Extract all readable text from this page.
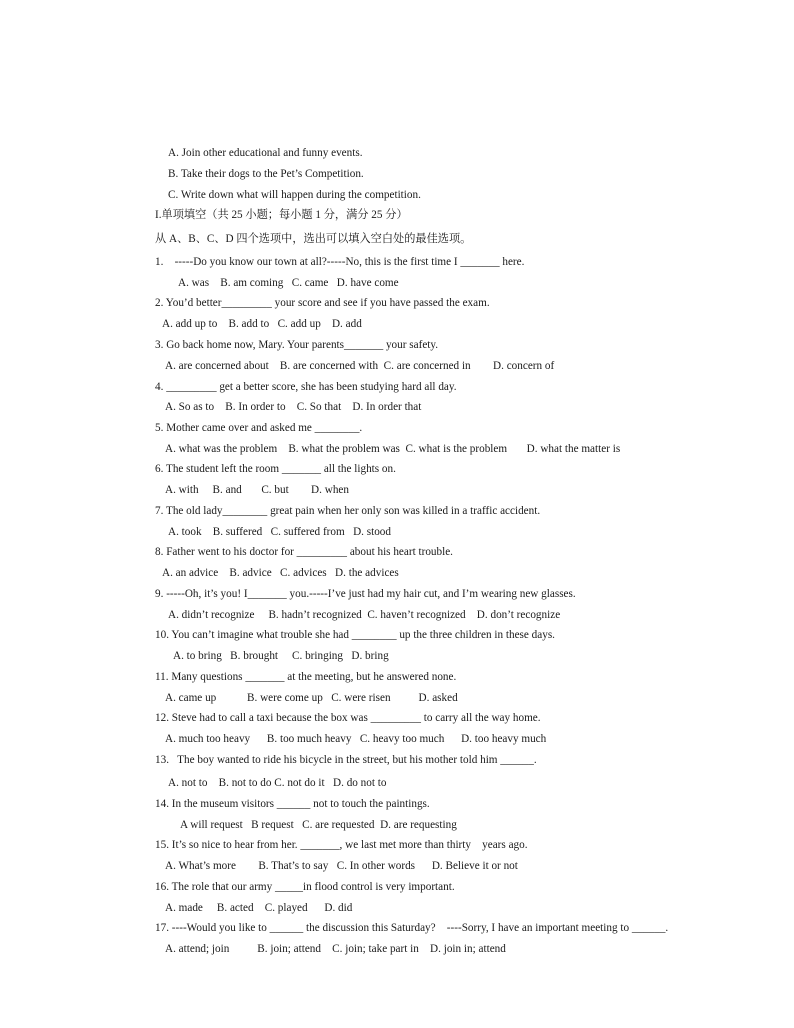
A. Join other educational and funny events.
B. Take their dogs to the Pet’s Competition.
C. Write down what will happen during the competition.
I.单项填空（共 25 小题；每小题 1 分，满分 25 分）
从 A、B、C、D 四个选项中，选出可以填入空白处的最佳选项。
1.    -----Do you know our town at all?-----No, this is the first time I _______ here.
A. was    B. am coming   C. came   D. have come
2. You’d better_________ your score and see if you have passed the exam.
A. add up to    B. add to   C. add up    D. add
3. Go back home now, Mary. Your parents_______ your safety.
A. are concerned about    B. are concerned with  C. are concerned in        D. concern of
4. _________ get a better score, she has been studying hard all day.
A. So as to    B. In order to    C. So that    D. In order that
5. Mother came over and asked me ________.
A. what was the problem    B. what the problem was  C. what is the problem       D. what the matter is
6. The student left the room _______ all the lights on.
A. with     B. and       C. but        D. when
7. The old lady________ great pain when her only son was killed in a traffic accident.
A. took    B. suffered   C. suffered from   D. stood
8. Father went to his doctor for _________ about his heart trouble.
A. an advice    B. advice   C. advices   D. the advices
9. -----Oh, it’s you! I_______ you.-----I’ve just had my hair cut, and I’m wearing new glasses.
A. didn’t recognize     B. hadn’t recognized  C. haven’t recognized    D. don’t recognize
10. You can’t imagine what trouble she had ________ up the three children in these days.
A. to bring   B. brought     C. bringing   D. bring
11. Many questions _______ at the meeting, but he answered none.
A. came up           B. were come up   C. were risen          D. asked
12. Steve had to call a taxi because the box was _________ to carry all the way home.
A. much too heavy      B. too much heavy   C. heavy too much      D. too heavy much
13.   The boy wanted to ride his bicycle in the street, but his mother told him ______.
A. not to    B. not to do C. not do it   D. do not to
14. In the museum visitors ______ not to touch the paintings.
A will request   B request   C. are requested  D. are requesting
15. It’s so nice to hear from her. _______, we last met more than thirty    years ago.
A. What’s more        B. That’s to say   C. In other words      D. Believe it or not
16. The role that our army _____in flood control is very important.
A. made     B. acted    C. played      D. did
17. ----Would you like to ______ the discussion this Saturday?    ----Sorry, I have an important meeting to ______.
A. attend; join          B. join; attend    C. join; take part in    D. join in; attend
